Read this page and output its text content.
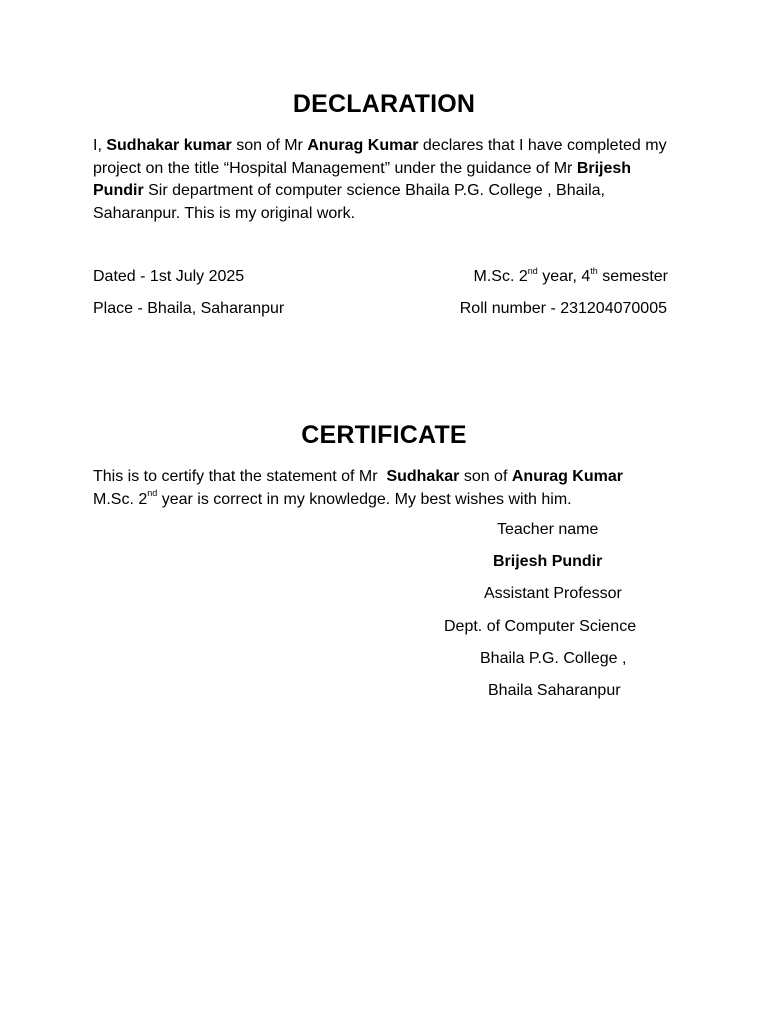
DECLARATION
I, Sudhakar kumar son of Mr Anurag Kumar declares that I have completed my project on the title “Hospital Management” under the guidance of Mr Brijesh Pundir Sir department of computer science Bhaila P.G. College , Bhaila, Saharanpur. This is my original work.
Dated - 1st July 2025	M.Sc. 2nd year, 4th semester
Place - Bhaila, Saharanpur	Roll number - 231204070005
CERTIFICATE
This is to certify that the statement of Mr Sudhakar son of Anurag Kumar
M.Sc. 2nd year is correct in my knowledge. My best wishes with him.
Teacher name
Brijesh Pundir
Assistant Professor
Dept. of Computer Science
Bhaila P.G. College ,
Bhaila Saharanpur
